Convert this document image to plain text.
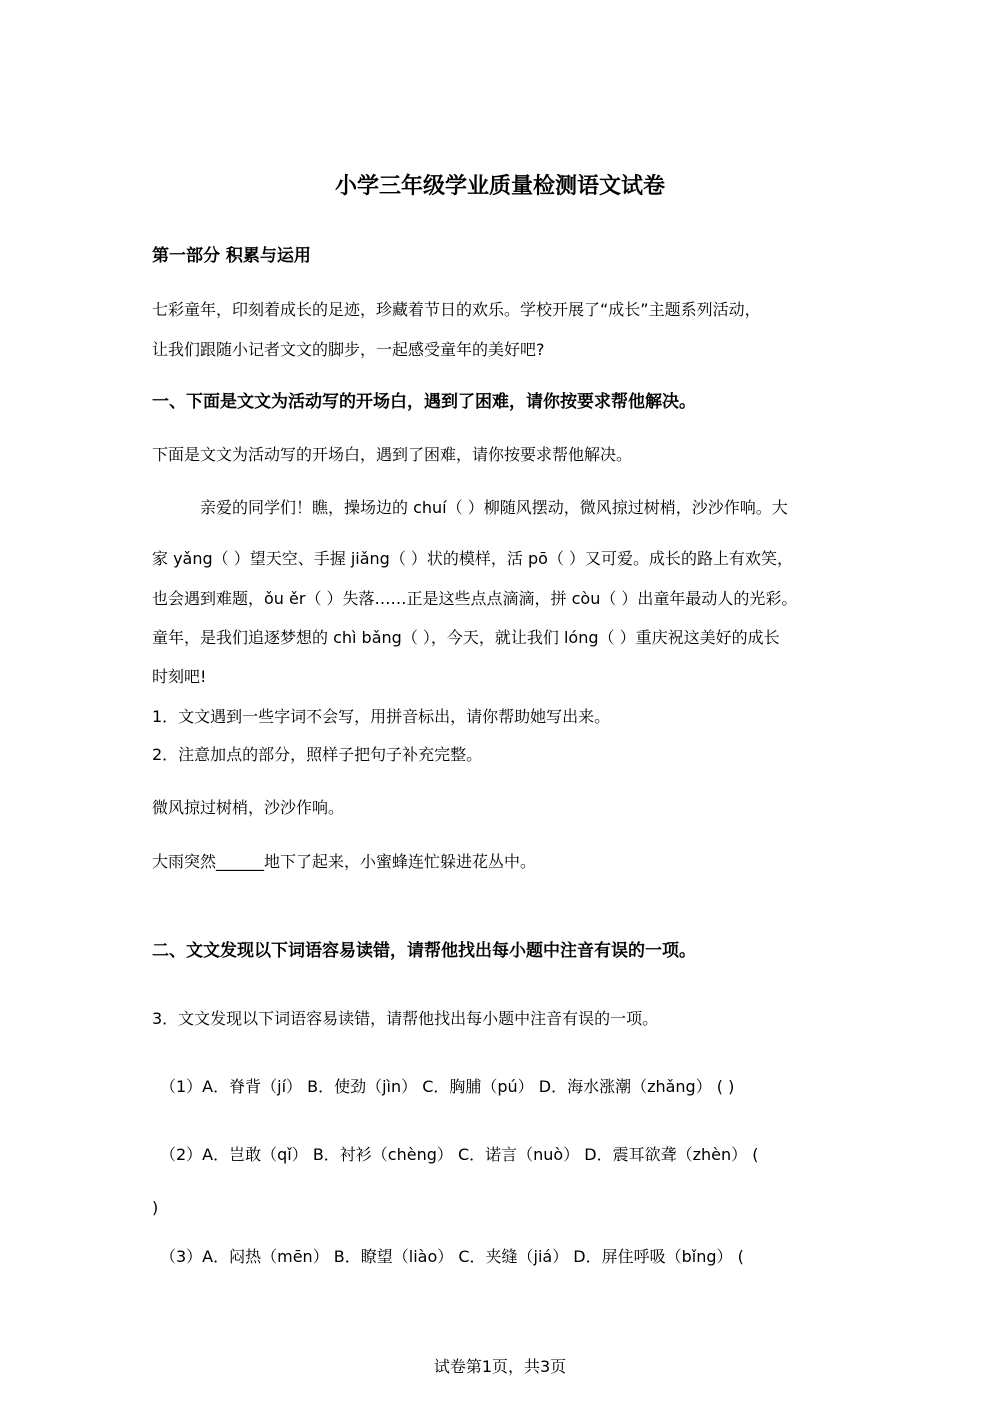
小学三年级学业质量检测语文试卷
第一部分 积累与运用
七彩童年，印刻着成长的足迹，珍藏着节日的欢乐。学校开展了“成长”主题系列活动，
让我们跟随小记者文文的脚步，一起感受童年的美好吧?
一、下面是文文为活动写的开场白，遇到了困难，请你按要求帮他解决。
下面是文文为活动写的开场白，遇到了困难，请你按要求帮他解决。
亲爱的同学们！瞧，操场边的 chuí（ ）柳随风摆动，微风掠过树梢，沙沙作响。大
家 yǎng（ ）望天空、手握 jiǎng（ ）状的模样，活 pō（ ）又可爱。成长的路上有欢笑，
也会遇到难题，ǒu ěr（ ）失落……正是这些点点滴滴，拼 còu（ ）出童年最动人的光彩。
童年，是我们追逐梦想的 chì bǎng（ ），今天，就让我们 lóng（ ）重庆祝这美好的成长
时刻吧!
1．文文遇到一些字词不会写，用拼音标出，请你帮助她写出来。
2．注意加点的部分，照样子把句子补充完整。
微风掠过树梢，沙沙作响。
大雨突然______地下了起来，小蜜蜂连忙躲进花丛中。
二、文文发现以下词语容易读错，请帮他找出每小题中注音有误的一项。
3．文文发现以下词语容易读错，请帮他找出每小题中注音有误的一项。
（1）A．脊背（jí） B．使劲（jìn） C．胸脯（pú） D．海水涨潮（zhǎng） ( )
（2）A．岂敢（qǐ） B．衬衫（chèng） C．诺言（nuò） D．震耳欲聋（zhèn） (
)
（3）A．闷热（mēn） B．瞭望（liào） C．夹缝（jiá） D．屏住呼吸（bǐng） (
试卷第1页，共3页
